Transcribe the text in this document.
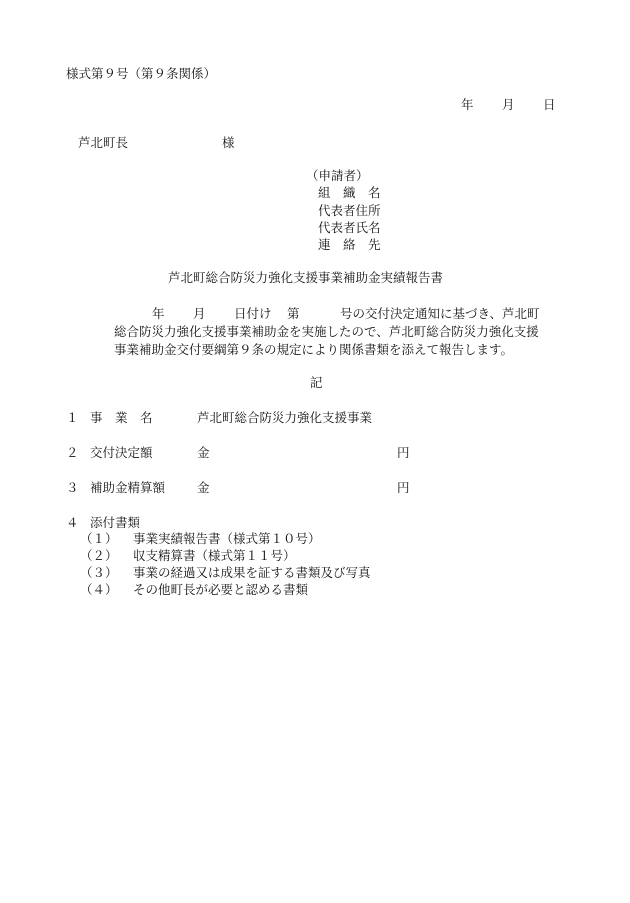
様式第９号（第９条関係）
年 月 日
芦北町長	様
（申請者）
組　織　名
代表者住所
代表者氏名
連　絡　先
芦北町総合防災力強化支援事業補助金実績報告書
年 月 日付け 第	号の交付決定通知に基づき、芦北町
総合防災力強化支援事業補助金を実施したので、芦北町総合防災力強化支援
事業補助金交付要綱第９条の規定により関係書類を添えて報告します。
記
１ 事　業　名	芦北町総合防災力強化支援事業
２ 交付決定額	金	円
３ 補助金精算額	金	円
４ 添付書類
（１） 事業実績報告書（様式第１０号）
（２） 収支精算書（様式第１１号）
（３） 事業の経過又は成果を証する書類及び写真
（４） その他町長が必要と認める書類
